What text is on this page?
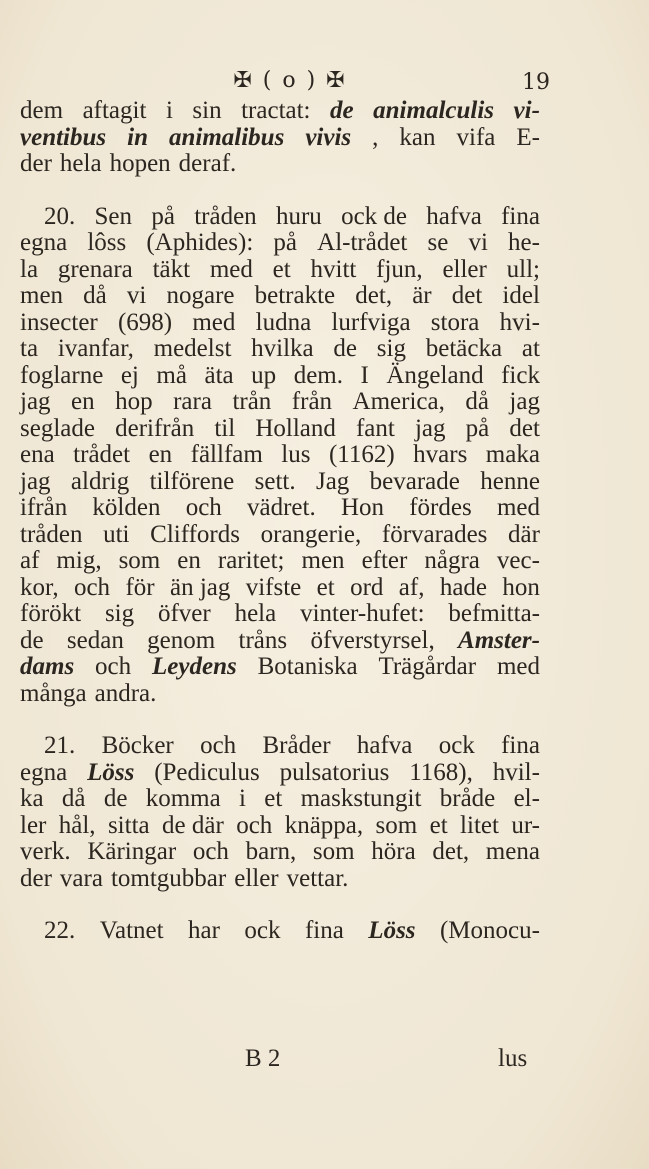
✠ ( o ) ✠	19
dem aftagit i sin tractat: de animalculis vi-
ventibus in animalibus vivis , kan vifa E-
der hela hopen deraf.
20. Sen på tråden huru ock de hafva fina
egna lôss (Aphides): på Al-trådet se vi he-
la grenara täkt med et hvitt fjun, eller ull;
men då vi nogare betrakte det, är det idel
insecter (698) med ludna lurfviga stora hvi-
ta ivanfar, medelst hvilka de sig betäcka at
foglarne ej må äta up dem. I Ängeland fick
jag en hop rara trån från America, då jag
seglade derifrån til Holland fant jag på det
ena trådet en fällfam lus (1162) hvars maka
jag aldrig tilförene sett. Jag bevarade henne
ifrån kölden och vädret. Hon fördes med
tråden uti Cliffords orangerie, förvarades där
af mig, som en raritet; men efter några vec-
kor, och för än jag vifste et ord af, hade hon
förökt sig öfver hela vinter-hufet: befmitta-
de sedan genom tråns öfverstyrsel, Amster-
dams och Leydens Botaniska Trägårdar med
många andra.
21. Böcker och Bråder hafva ock fina
egna Löss (Pediculus pulsatorius 1168), hvil-
ka då de komma i et maskstungit bråde el-
ler hål, sitta de där och knäppa, som et litet ur-
verk. Käringar och barn, som höra det, mena
der vara tomtgubbar eller vettar.
22. Vatnet har ock fina Löss (Monocu-
B 2	lus
